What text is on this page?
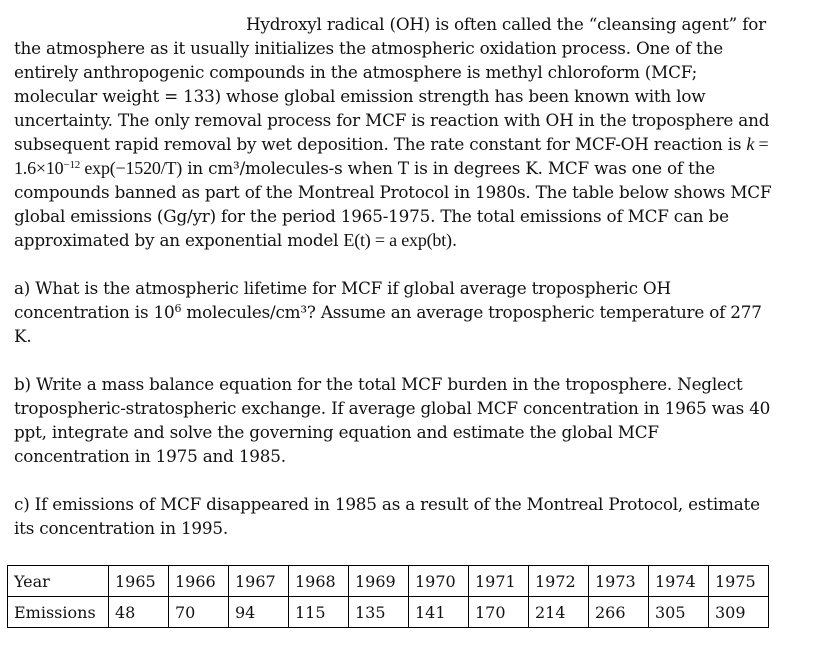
Hydroxyl radical (OH) is often called the “cleansing agent” for the atmosphere as it usually initializes the atmospheric oxidation process. One of the entirely anthropogenic compounds in the atmosphere is methyl chloroform (MCF; molecular weight = 133) whose global emission strength has been known with low uncertainty. The only removal process for MCF is reaction with OH in the troposphere and subsequent rapid removal by wet deposition. The rate constant for MCF-OH reaction is $k = 1.6\times 10^{-12}$ exp(−1520/T) in cm³/molecules-s when T is in degrees K. MCF was one of the compounds banned as part of the Montreal Protocol in 1980s. The table below shows MCF global emissions (Gg/yr) for the period 1965-1975. The total emissions of MCF can be approximated by an exponential model E(t) = a exp(bt).

a) What is the atmospheric lifetime for MCF if global average tropospheric OH concentration is $10^6$ molecules/cm³? Assume an average tropospheric temperature of 277 K.

b) Write a mass balance equation for the total MCF burden in the troposphere. Neglect tropospheric-stratospheric exchange. If average global MCF concentration in 1965 was 40 ppt, integrate and solve the governing equation and estimate the global MCF concentration in 1975 and 1985.

c) If emissions of MCF disappeared in 1985 as a result of the Montreal Protocol, estimate its concentration in 1995.

Year	1965	1966	1967	1968	1969	1970	1971	1972	1973	1974	1975
Emissions	48	70	94	115	135	141	170	214	266	305	309
